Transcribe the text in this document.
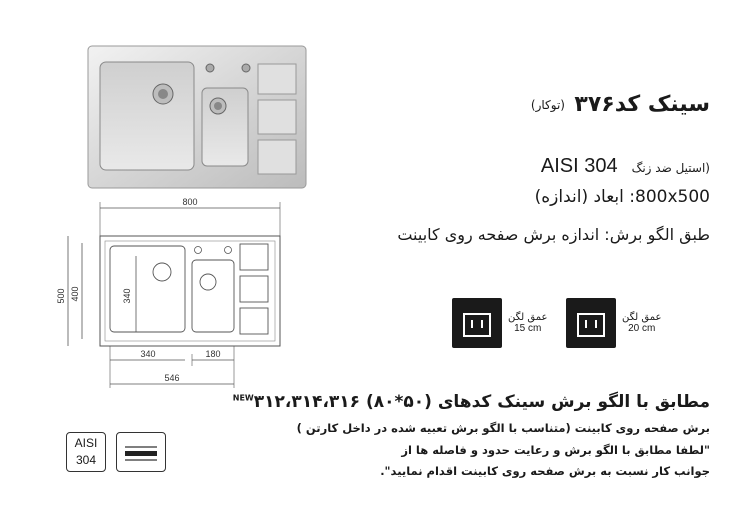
800
500 400	340
340	180
546
سینک کد۳۷۶
(توکار)
AISI 304 (استیل ضد زنگ
800x500: ابعاد (اندازه)
طبق الگو برش: اندازه برش صفحه روی کابینت
عمق لگن
20 cm
عمق لگن
15 cm
مطابق با الگو برش سینک کدهای $^{NEW}$۳۱۲،۳۱۴،۳۱۶ (۸۰*۵۰)
برش صفحه روی کابینت (متناسب با الگو برش تعبیه شده در داخل کارتن )
"لطفا مطابق با الگو برش و رعایت حدود و فاصله ها از
جوانب کار نسبت به برش صفحه روی کابینت اقدام نمایید".
AISI
304
